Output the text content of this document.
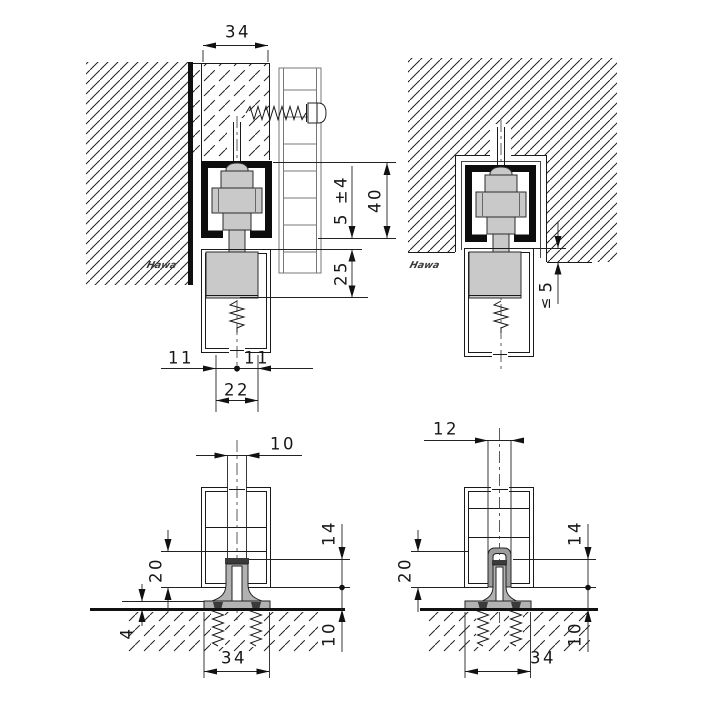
Hawa
34
5 ±4 40
25
11	11
22
Hawa
5
≤
10
20
4
14
10
34
12
20
14
10
34
